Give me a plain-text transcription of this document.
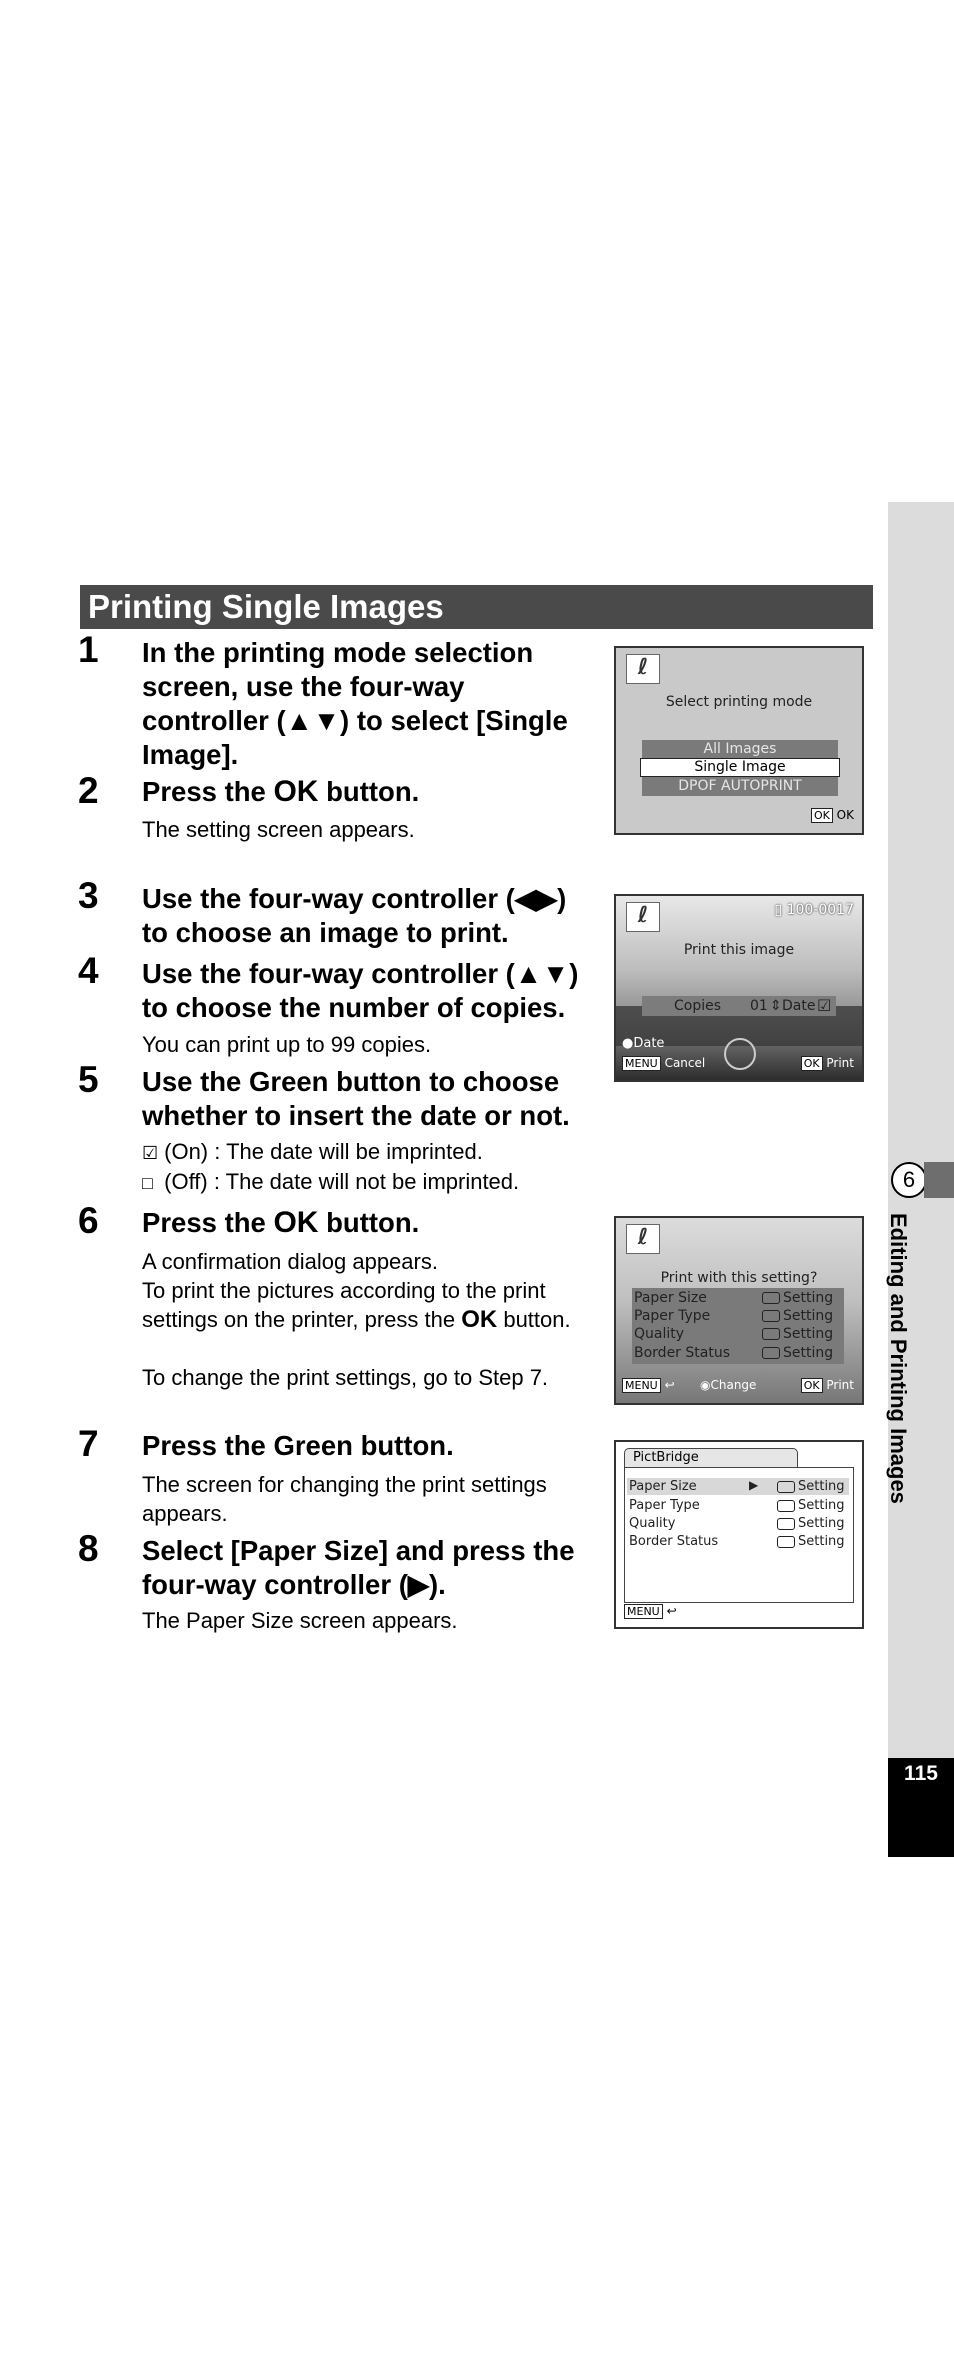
6
Editing and Printing Images
115
Printing Single Images
1 In the printing mode selection screen, use the four-way controller (▲▼) to select [Single Image].
2 Press the OK button.
The setting screen appears.
3 Use the four-way controller (◀▶) to choose an image to print.
4 Use the four-way controller (▲▼) to choose the number of copies.
You can print up to 99 copies.
5 Use the Green button to choose whether to insert the date or not.
☑ (On) : The date will be imprinted.
□ (Off) : The date will not be imprinted.
6 Press the OK button.
A confirmation dialog appears.
To print the pictures according to the print settings on the printer, press the OK button.
To change the print settings, go to Step 7.
7 Press the Green button.
The screen for changing the print settings appears.
8 Select [Paper Size] and press the four-way controller (▶).
The Paper Size screen appears.
ℓ
Select printing mode
All Images
Single Image
DPOF AUTOPRINT
OK OK
ℓ	▯ 100-0017
Print this image
Copies 01 ⇕ Date ☑
●Date
MENU Cancel	OK Print
ℓ
Print with this setting?
Paper Size	Setting
Paper Type	Setting
Quality	Setting
Border Status	Setting
MENU ↩ ◉Change	OK Print
PictBridge
Paper Size	▶	Setting
Paper Type	Setting
Quality	Setting
Border Status	Setting
MENU ↩
